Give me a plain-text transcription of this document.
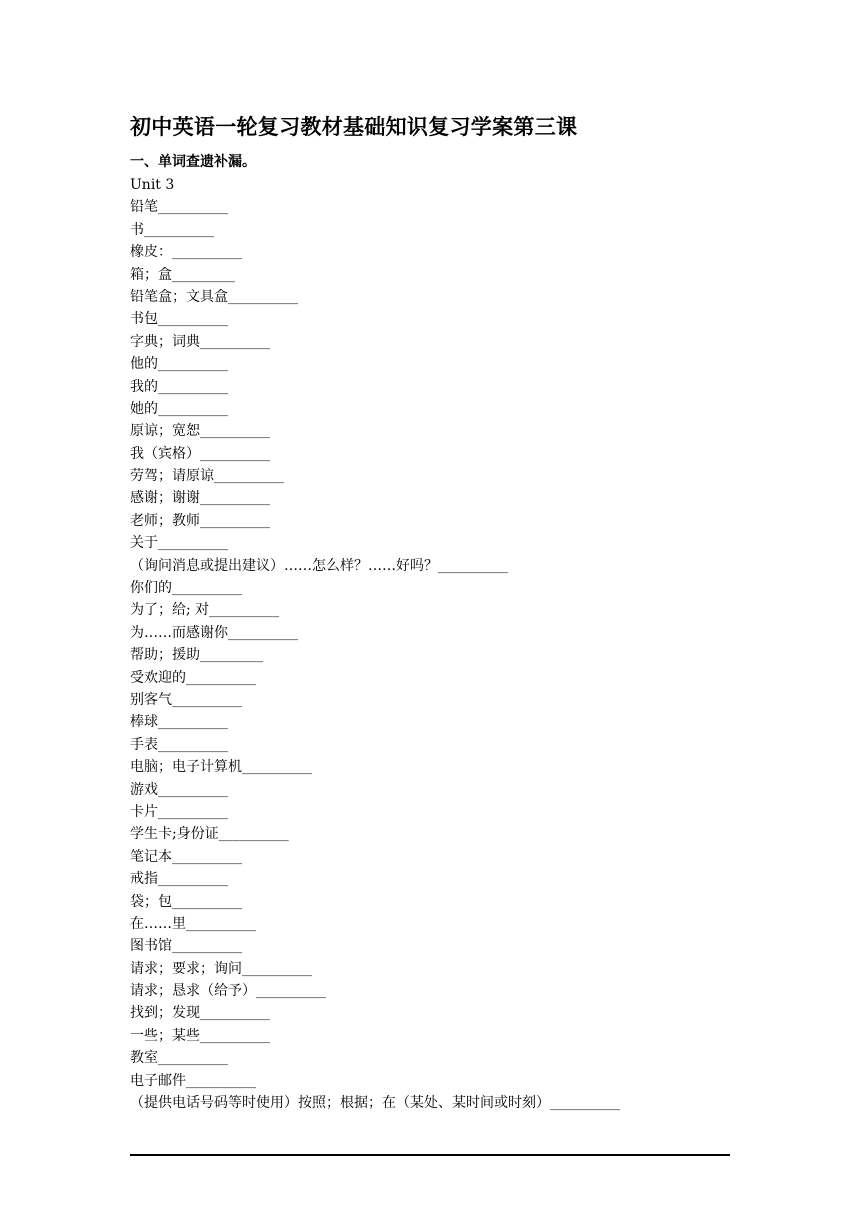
初中英语一轮复习教材基础知识复习学案第三课
一、单词查遗补漏。
Unit 3
铅笔__________
书__________
橡皮：__________
箱；盒_________
铅笔盒；文具盒__________
书包__________
字典；词典__________
他的__________
我的__________
她的__________
原谅；宽恕__________
我（宾格）__________
劳驾；请原谅__________
感谢；谢谢__________
老师；教师__________
关于__________
（询问消息或提出建议）……怎么样？……好吗？__________
你们的__________
为了；给; 对__________
为……而感谢你__________
帮助；援助_________
受欢迎的__________
别客气__________
棒球__________
手表__________
电脑；电子计算机__________
游戏__________
卡片__________
学生卡;身份证__________
笔记本__________
戒指__________
袋；包__________
在……里__________
图书馆__________
请求；要求；询问__________
请求；恳求（给予）__________
找到；发现__________
一些；某些__________
教室__________
电子邮件__________
（提供电话号码等时使用）按照；根据；在（某处、某时间或时刻）__________
